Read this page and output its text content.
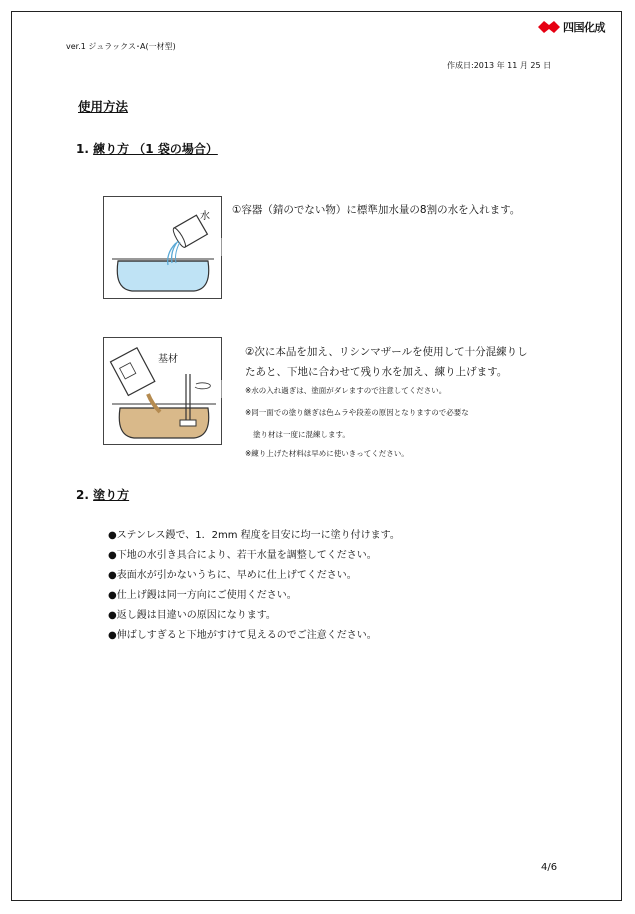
ver.1 ジュラックス･A(一材型)
四国化成
作成日:2013 年 11 月 25 日
使用方法
1. 練り方 （1 袋の場合）
水
①容器（錆のでない物）に標準加水量の8割の水を入れます。
基材
②次に本品を加え、リシンマザールを使用して十分混練りし
たあと、下地に合わせて残り水を加え、練り上げます。
※水の入れ過ぎは、塗面がダレますので注意してください。
※同一面での塗り継ぎは色ムラや段差の原因となりますので必要な
塗り材は一度に混練します。
※練り上げた材料は早めに使いきってください。
2. 塗り方
●ステンレス鏝で、1．2mm 程度を目安に均一に塗り付けます。
●下地の水引き具合により、若干水量を調整してください。
●表面水が引かないうちに、早めに仕上げてください。
●仕上げ鏝は同一方向にご使用ください。
●返し鏝は目違いの原因になります。
●伸ばしすぎると下地がすけて見えるのでご注意ください。
4/6
